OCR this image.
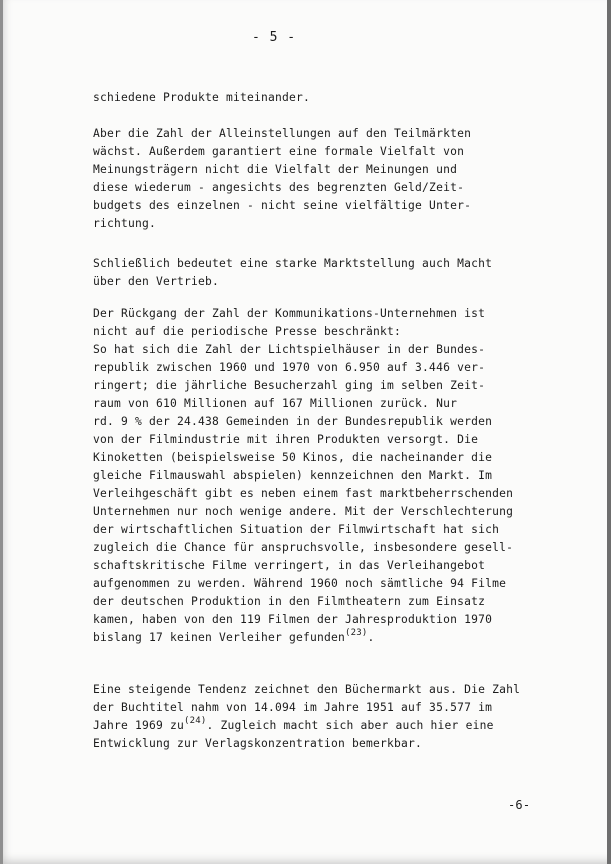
- 5 -
schiedene Produkte miteinander.
Aber die Zahl der Alleinstellungen auf den Teilmärkten
wächst. Außerdem garantiert eine formale Vielfalt von
Meinungsträgern nicht die Vielfalt der Meinungen und
diese wiederum - angesichts des begrenzten Geld/Zeit-
budgets des einzelnen - nicht seine vielfältige Unter-
richtung.
Schließlich bedeutet eine starke Marktstellung auch Macht
über den Vertrieb.
Der Rückgang der Zahl der Kommunikations-Unternehmen ist
nicht auf die periodische Presse beschränkt:
So hat sich die Zahl der Lichtspielhäuser in der Bundes-
republik zwischen 1960 und 1970 von 6.950 auf 3.446 ver-
ringert; die jährliche Besucherzahl ging im selben Zeit-
raum von 610 Millionen auf 167 Millionen zurück. Nur
rd. 9 % der 24.438 Gemeinden in der Bundesrepublik werden
von der Filmindustrie mit ihren Produkten versorgt. Die
Kinoketten (beispielsweise 50 Kinos, die nacheinander die
gleiche Filmauswahl abspielen) kennzeichnen den Markt. Im
Verleihgeschäft gibt es neben einem fast marktbeherrschenden
Unternehmen nur noch wenige andere. Mit der Verschlechterung
der wirtschaftlichen Situation der Filmwirtschaft hat sich
zugleich die Chance für anspruchsvolle, insbesondere gesell-
schaftskritische Filme verringert, in das Verleihangebot
aufgenommen zu werden. Während 1960 noch sämtliche 94 Filme
der deutschen Produktion in den Filmtheatern zum Einsatz
kamen, haben von den 119 Filmen der Jahresproduktion 1970
bislang 17 keinen Verleiher gefunden$^{(23)}$.
Eine steigende Tendenz zeichnet den Büchermarkt aus. Die Zahl
der Buchtitel nahm von 14.094 im Jahre 1951 auf 35.577 im
Jahre 1969 zu$^{(24)}$. Zugleich macht sich aber auch hier eine
Entwicklung zur Verlagskonzentration bemerkbar.
-6-
